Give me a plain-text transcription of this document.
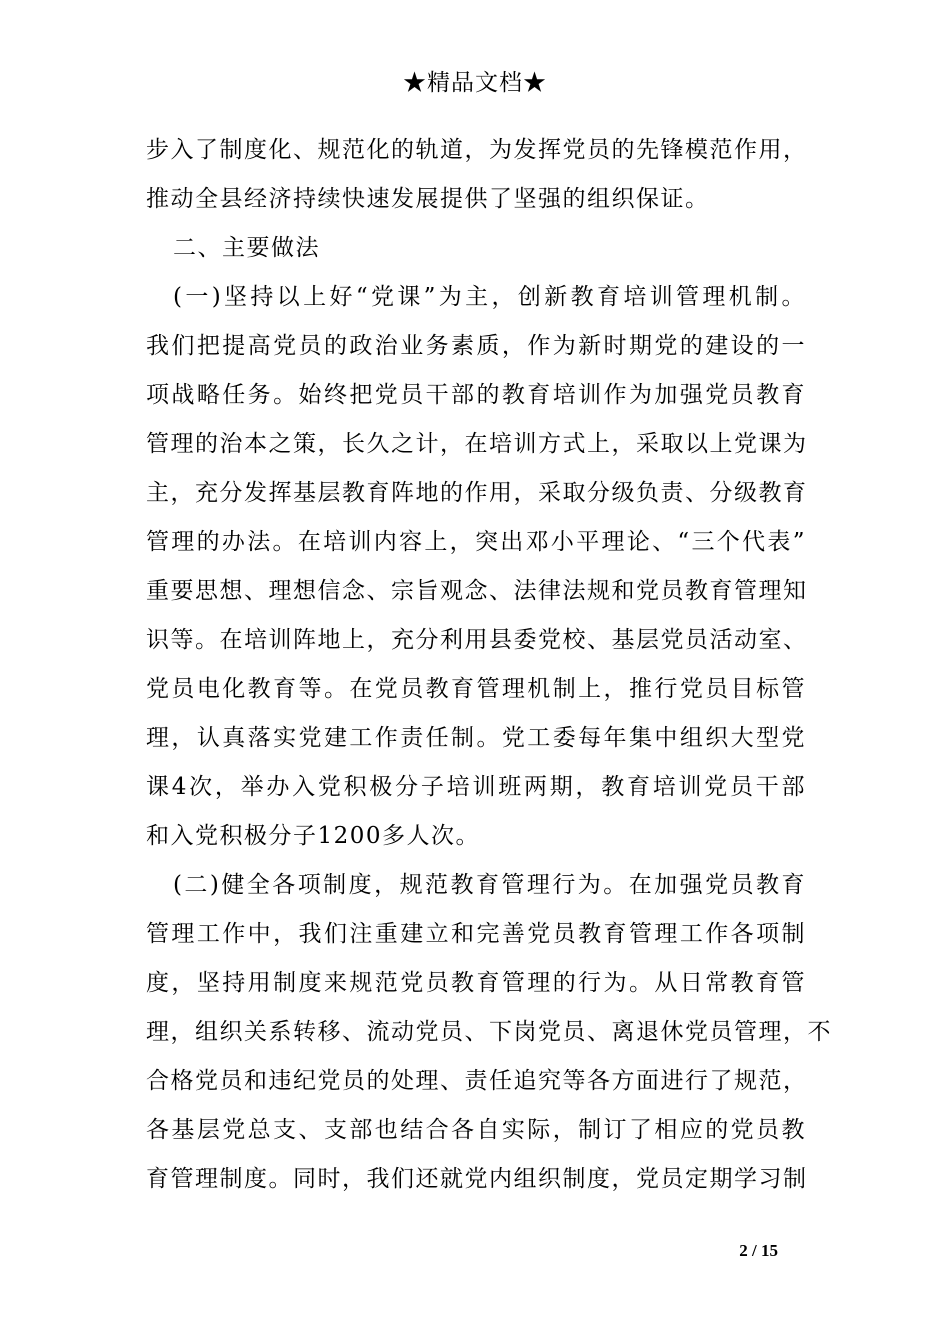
★精品文档★
步入了制度化、规范化的轨道，为发挥党员的先锋模范作用，
推动全县经济持续快速发展提供了坚强的组织保证。
二、主要做法
(一)坚持以上好“党课”为主，创新教育培训管理机制。
我们把提高党员的政治业务素质，作为新时期党的建设的一
项战略任务。始终把党员干部的教育培训作为加强党员教育
管理的治本之策，长久之计，在培训方式上，采取以上党课为
主，充分发挥基层教育阵地的作用，采取分级负责、分级教育
管理的办法。在培训内容上，突出邓小平理论、“三个代表”
重要思想、理想信念、宗旨观念、法律法规和党员教育管理知
识等。在培训阵地上，充分利用县委党校、基层党员活动室、
党员电化教育等。在党员教育管理机制上，推行党员目标管
理，认真落实党建工作责任制。党工委每年集中组织大型党
课4次，举办入党积极分子培训班两期，教育培训党员干部
和入党积极分子1200多人次。
(二)健全各项制度，规范教育管理行为。在加强党员教育
管理工作中，我们注重建立和完善党员教育管理工作各项制
度，坚持用制度来规范党员教育管理的行为。从日常教育管
理，组织关系转移、流动党员、下岗党员、离退休党员管理，不
合格党员和违纪党员的处理、责任追究等各方面进行了规范，
各基层党总支、支部也结合各自实际，制订了相应的党员教
育管理制度。同时，我们还就党内组织制度，党员定期学习制
2 / 15
